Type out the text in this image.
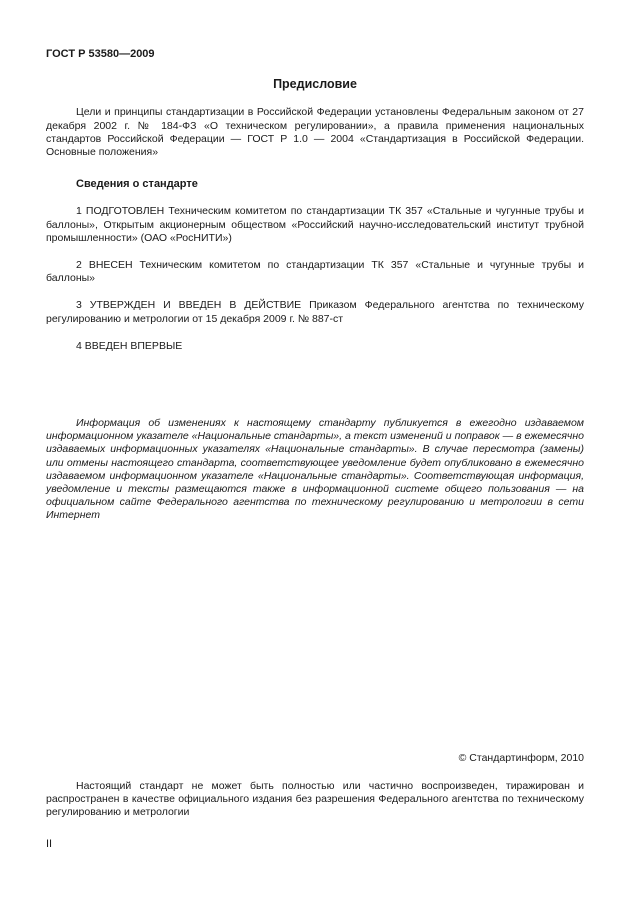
ГОСТ Р 53580—2009
Предисловие

Цели и принципы стандартизации в Российской Федерации установлены Федеральным законом от 27 декабря 2002 г. № 184-ФЗ «О техническом регулировании», а правила применения национальных стандартов Российской Федерации — ГОСТ Р 1.0 — 2004 «Стандартизация в Российской Федерации. Основные положения»

Сведения о стандарте

1 ПОДГОТОВЛЕН Техническим комитетом по стандартизации ТК 357 «Стальные и чугунные трубы и баллоны», Открытым акционерным обществом «Российский научно-исследовательский институт трубной промышленности» (ОАО «РосНИТИ»)

2 ВНЕСЕН Техническим комитетом по стандартизации ТК 357 «Стальные и чугунные трубы и баллоны»

3 УТВЕРЖДЕН И ВВЕДЕН В ДЕЙСТВИЕ Приказом Федерального агентства по техническому регулированию и метрологии от 15 декабря 2009 г. № 887-ст

4 ВВЕДЕН ВПЕРВЫЕ

Информация об изменениях к настоящему стандарту публикуется в ежегодно издаваемом информационном указателе «Национальные стандарты», а текст изменений и поправок — в ежемесячно издаваемых информационных указателях «Национальные стандарты». В случае пересмотра (замены) или отмены настоящего стандарта, соответствующее уведомление будет опубликовано в ежемесячно издаваемом информационном указателе «Национальные стандарты». Соответствующая информация, уведомление и тексты размещаются также в информационной системе общего пользования — на официальном сайте Федерального агентства по техническому регулированию и метрологии в сети Интернет

© Стандартинформ, 2010

Настоящий стандарт не может быть полностью или частично воспроизведен, тиражирован и распространен в качестве официального издания без разрешения Федерального агентства по техническому регулированию и метрологии

II
